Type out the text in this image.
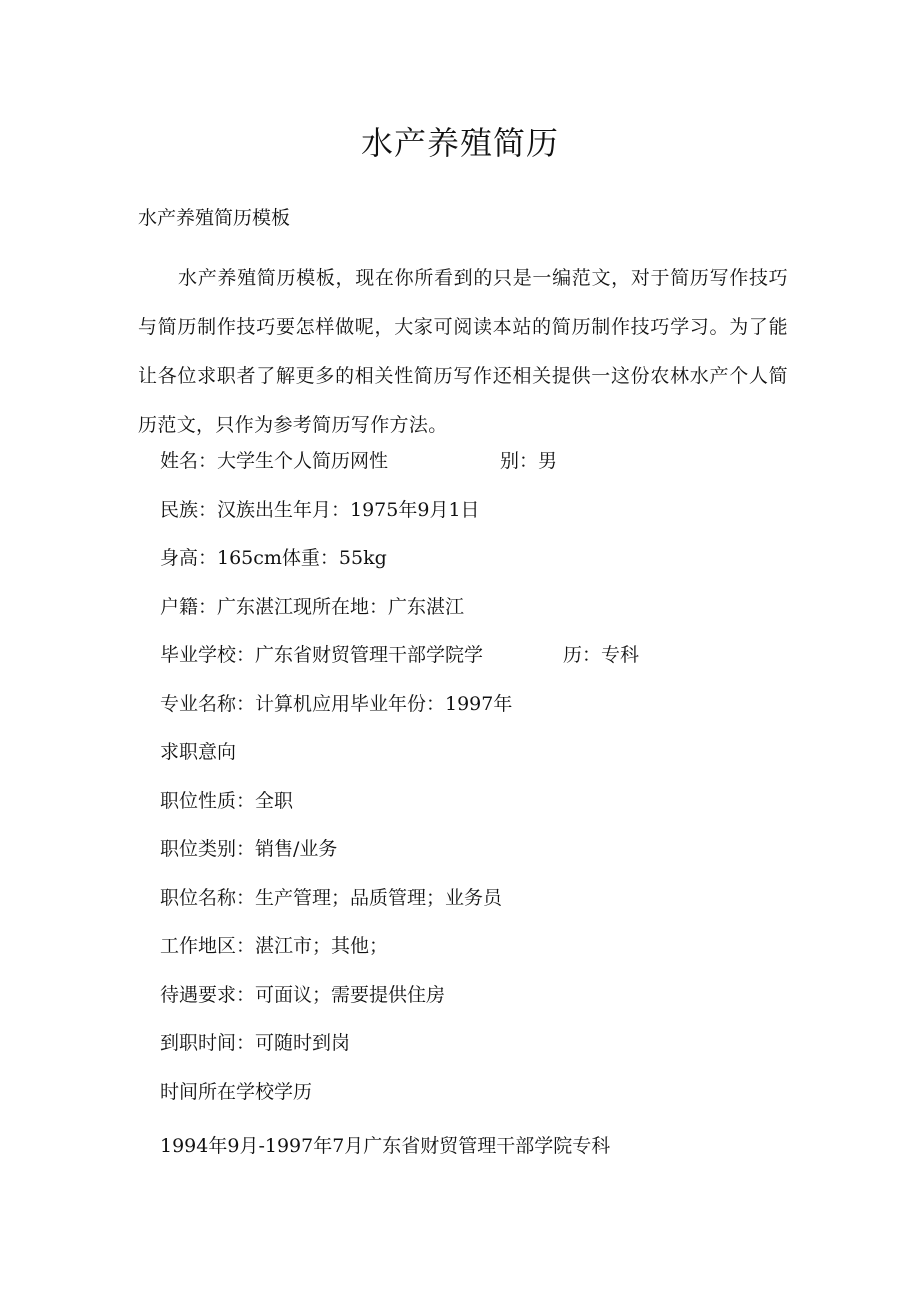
水产养殖简历
水产养殖简历模板
水产养殖简历模板，现在你所看到的只是一编范文，对于简历写作技巧与简历制作技巧要怎样做呢，大家可阅读本站的简历制作技巧学习。为了能让各位求职者了解更多的相关性简历写作还相关提供一这份农林水产个人简历范文，只作为参考简历写作方法。
姓名：大学生个人简历网性	别：男
民族：汉族出生年月：1975年9月1日
身高：165cm体重：55kg
户籍：广东湛江现所在地：广东湛江
毕业学校：广东省财贸管理干部学院学	历：专科
专业名称：计算机应用毕业年份：1997年
求职意向
职位性质：全职
职位类别：销售/业务
职位名称：生产管理；品质管理；业务员
工作地区：湛江市；其他；
待遇要求：可面议；需要提供住房
到职时间：可随时到岗
时间所在学校学历
1994年9月-1997年7月广东省财贸管理干部学院专科
